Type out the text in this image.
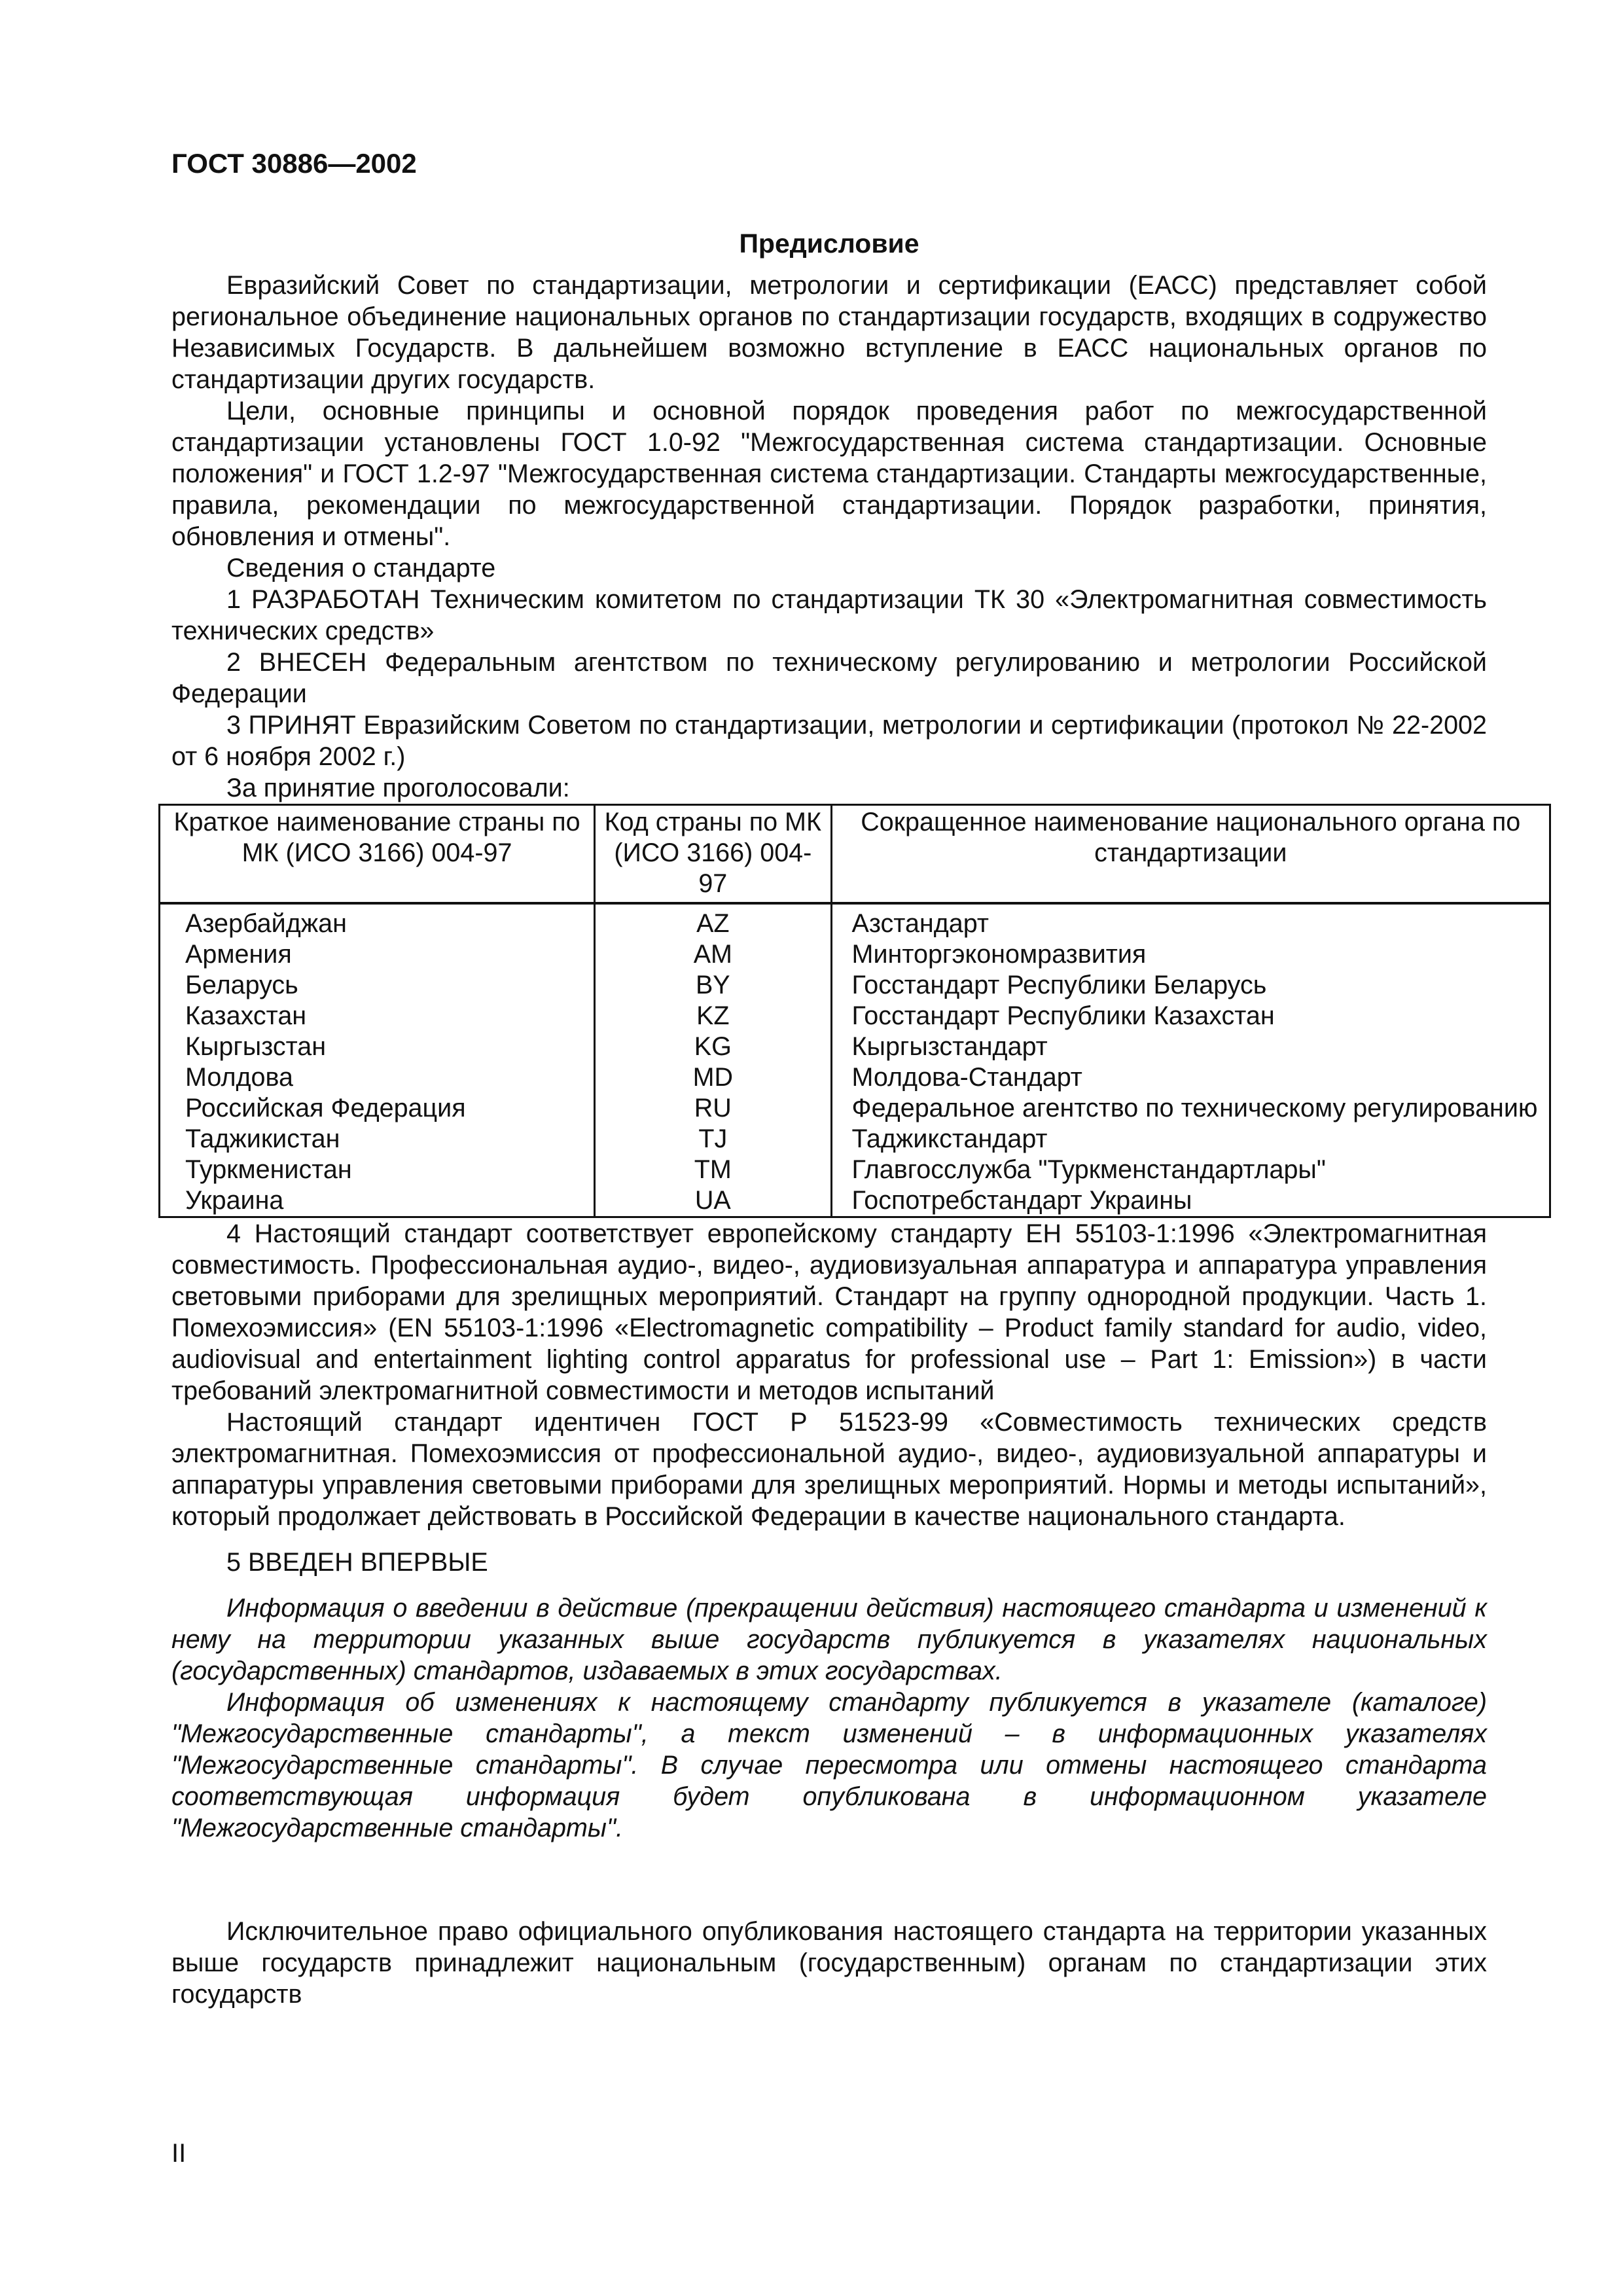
ГОСТ 30886—2002
Предисловие

Евразийский Совет по стандартизации, метрологии и сертификации (ЕАСС) представляет собой региональное объединение национальных органов по стандартизации государств, входящих в содружество Независимых Государств. В дальнейшем возможно вступление в ЕАСС национальных органов по стандартизации других государств.

Цели, основные принципы и основной порядок проведения работ по межгосударственной стандартизации установлены ГОСТ 1.0-92 "Межгосударственная система стандартизации. Основные положения" и ГОСТ 1.2-97 "Межгосударственная система стандартизации. Стандарты межгосударственные, правила, рекомендации по межгосударственной стандартизации. Порядок разработки, принятия, обновления и отмены".

Сведения о стандарте

1 РАЗРАБОТАН Техническим комитетом по стандартизации ТК 30 «Электромагнитная совместимость технических средств»

2 ВНЕСЕН Федеральным агентством по техническому регулированию и метрологии Российской Федерации

3 ПРИНЯТ Евразийским Советом по стандартизации, метрологии и сертификации (протокол № 22-2002 от 6 ноября 2002 г.)

За принятие проголосовали:

Краткое наименование страны по МК (ИСО 3166) 004-97	Код страны по МК (ИСО 3166) 004-97	Сокращенное наименование национального органа по стандартизации
Азербайджан	AZ	Азстандарт
Армения	AM	Минторгэкономразвития
Беларусь	BY	Госстандарт Республики Беларусь
Казахстан	KZ	Госстандарт Республики Казахстан
Кыргызстан	KG	Кыргызстандарт
Молдова	MD	Молдова-Стандарт
Российская Федерация	RU	Федеральное агентство по техническому регулированию
Таджикистан	TJ	Таджикстандарт
Туркменистан	TM	Главгосслужба "Туркменстандартлары"
Украина	UA	Госпотребстандарт Украины

4 Настоящий стандарт соответствует европейскому стандарту ЕН 55103-1:1996 «Электромагнитная совместимость. Профессиональная аудио-, видео-, аудиовизуальная аппаратура и аппаратура управления световыми приборами для зрелищных мероприятий. Стандарт на группу однородной продукции. Часть 1. Помехоэмиссия» (EN 55103-1:1996 «Electromagnetic compatibility – Product family standard for audio, video, audiovisual and entertainment lighting control apparatus for professional use – Part 1: Emission») в части требований электромагнитной совместимости и методов испытаний

Настоящий стандарт идентичен ГОСТ Р 51523-99 «Совместимость технических средств электромагнитная. Помехоэмиссия от профессиональной аудио-, видео-, аудиовизуальной аппаратуры и аппаратуры управления световыми приборами для зрелищных мероприятий. Нормы и методы испытаний», который продолжает действовать в Российской Федерации в качестве национального стандарта.

5 ВВЕДЕН ВПЕРВЫЕ

Информация о введении в действие (прекращении действия) настоящего стандарта и изменений к нему на территории указанных выше государств публикуется в указателях национальных (государственных) стандартов, издаваемых в этих государствах.

Информация об изменениях к настоящему стандарту публикуется в указателе (каталоге) "Межгосударственные стандарты", а текст изменений – в информационных указателях "Межгосударственные стандарты". В случае пересмотра или отмены настоящего стандарта соответствующая информация будет опубликована в информационном указателе "Межгосударственные стандарты".

Исключительное право официального опубликования настоящего стандарта на территории указанных выше государств принадлежит национальным (государственным) органам по стандартизации этих государств

II
